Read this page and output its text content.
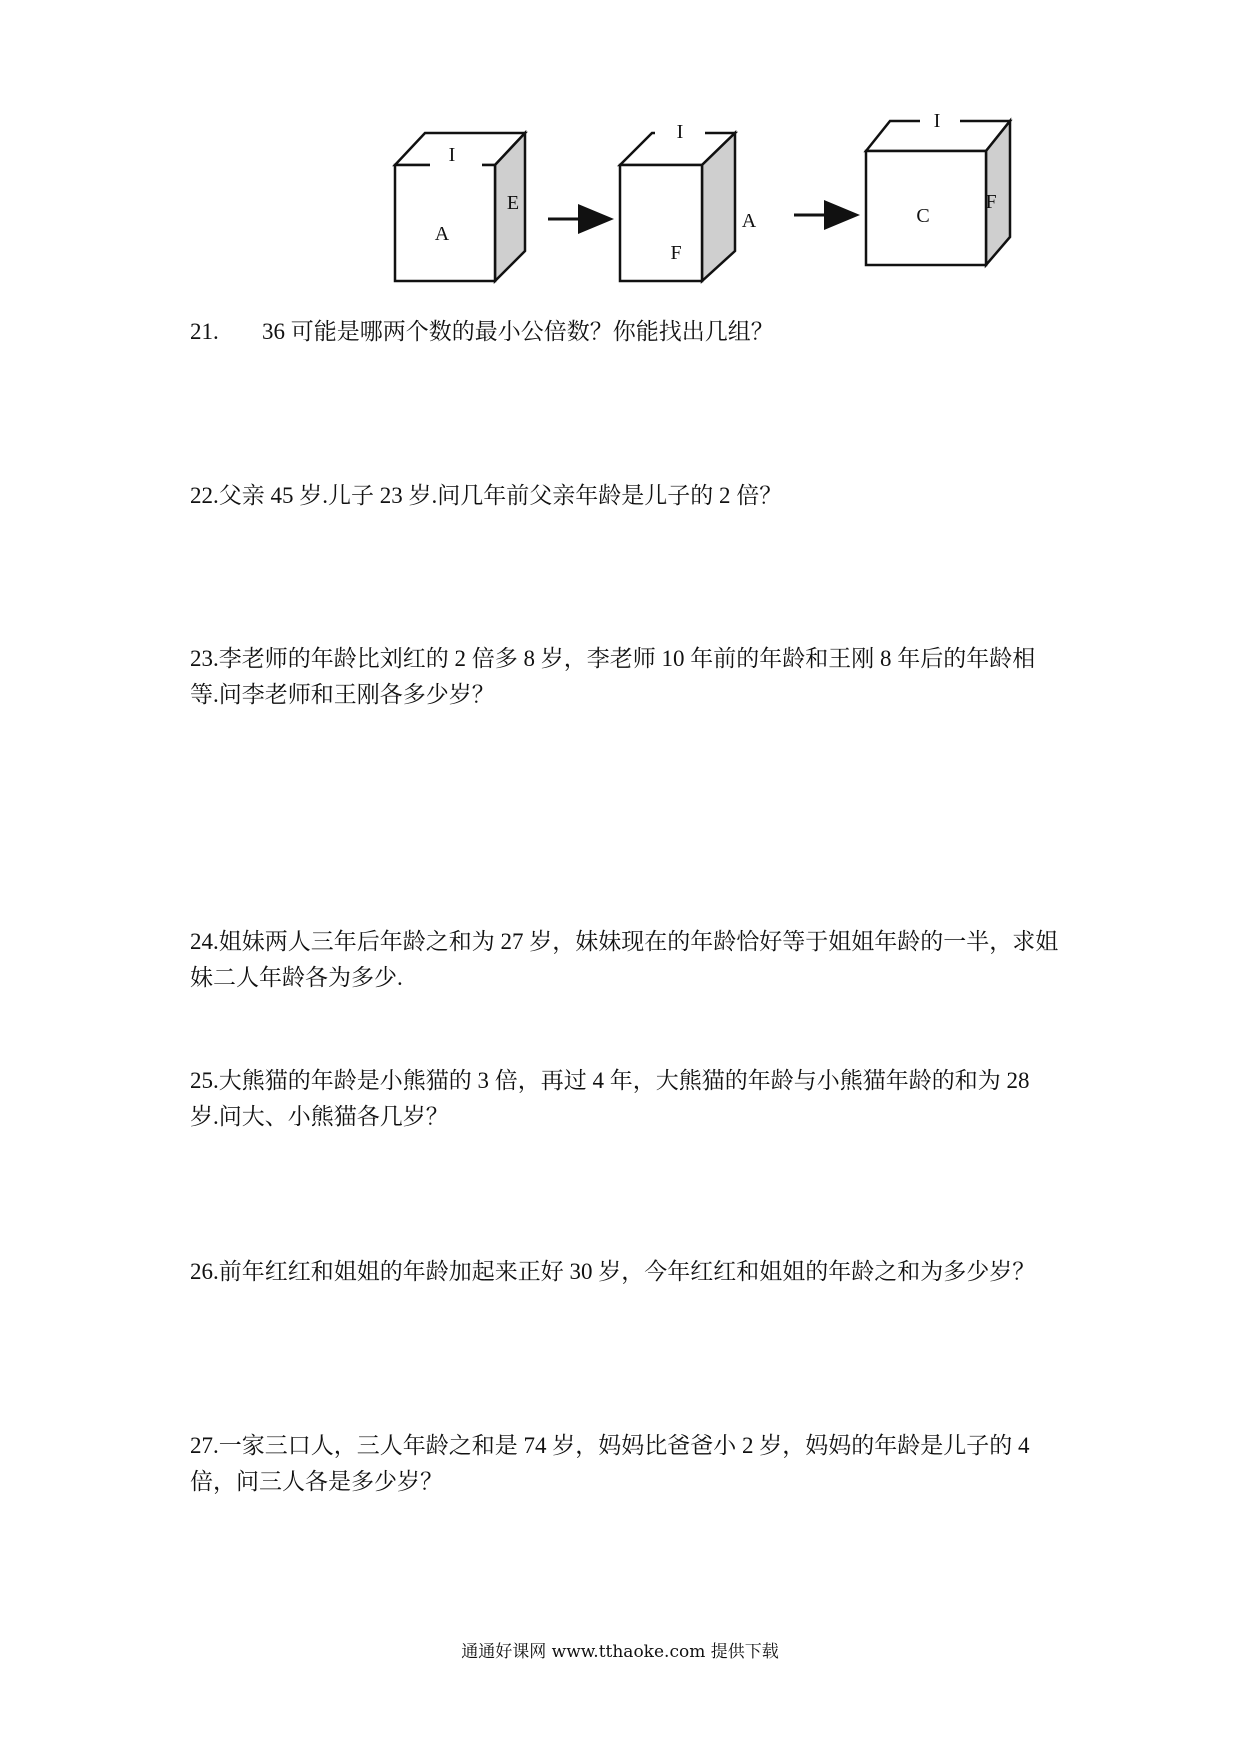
I
A
E
I
F
A
I
C
F

21. 36 可能是哪两个数的最小公倍数？你能找出几组？

22.父亲 45 岁.儿子 23 岁.问几年前父亲年龄是儿子的 2 倍？

23.李老师的年龄比刘红的 2 倍多 8 岁，李老师 10 年前的年龄和王刚 8 年后的年龄相等.问李老师和王刚各多少岁？

24.姐妹两人三年后年龄之和为 27 岁，妹妹现在的年龄恰好等于姐姐年龄的一半，求姐妹二人年龄各为多少.

25.大熊猫的年龄是小熊猫的 3 倍，再过 4 年，大熊猫的年龄与小熊猫年龄的和为 28 岁.问大、小熊猫各几岁？

26.前年红红和姐姐的年龄加起来正好 30 岁，今年红红和姐姐的年龄之和为多少岁？

27.一家三口人，三人年龄之和是 74 岁，妈妈比爸爸小 2 岁，妈妈的年龄是儿子的 4 倍，问三人各是多少岁？

通通好课网 www.tthaoke.com 提供下载
